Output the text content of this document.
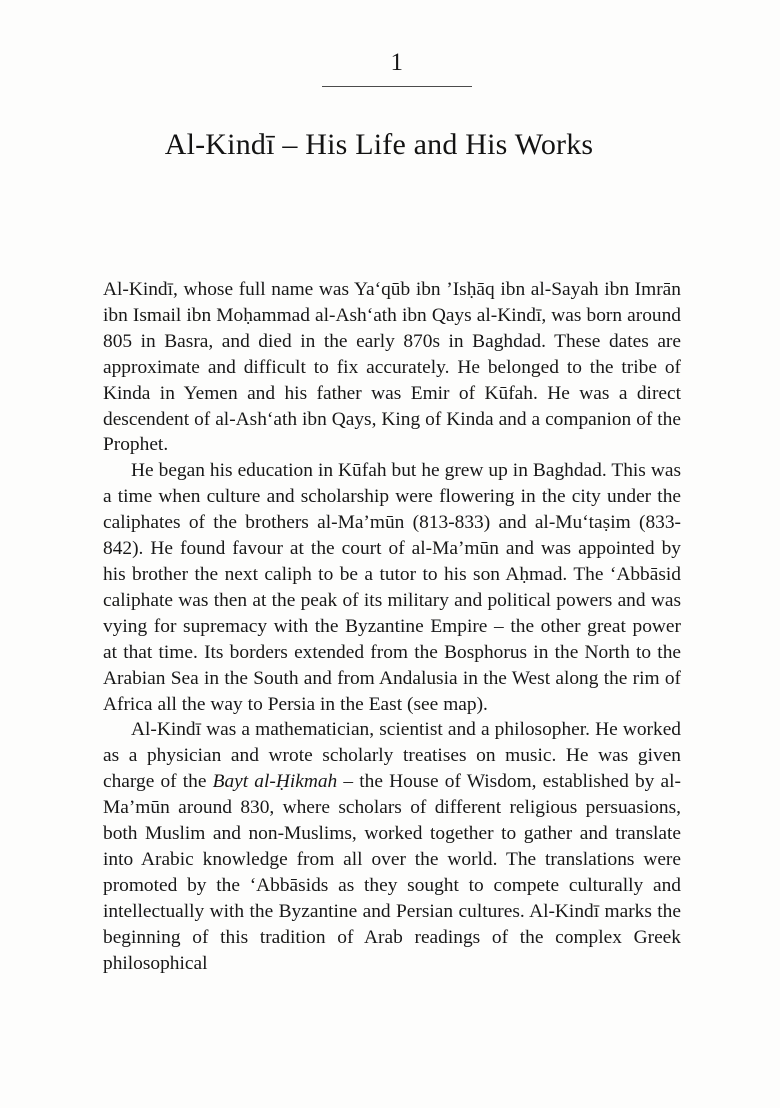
1
Al-Kindī – His Life and His Works

Al-Kindī, whose full name was Ya‘qūb ibn ’Isḥāq ibn al-Sayah ibn Imrān ibn Ismail ibn Moḥammad al-Ash‘ath ibn Qays al-Kindī, was born around 805 in Basra, and died in the early 870s in Baghdad. These dates are approximate and difficult to fix accurately. He belonged to the tribe of Kinda in Yemen and his father was Emir of Kūfah. He was a direct descendent of al-Ash‘ath ibn Qays, King of Kinda and a companion of the Prophet.

He began his education in Kūfah but he grew up in Baghdad. This was a time when culture and scholarship were flowering in the city under the caliphates of the brothers al-Ma’mūn (813-833) and al-Mu‘taṣim (833-842). He found favour at the court of al-Ma’mūn and was appointed by his brother the next caliph to be a tutor to his son Aḥmad. The ‘Abbāsid caliphate was then at the peak of its military and political powers and was vying for supremacy with the Byzantine Empire – the other great power at that time. Its borders extended from the Bosphorus in the North to the Arabian Sea in the South and from Andalusia in the West along the rim of Africa all the way to Persia in the East (see map).

Al-Kindī was a mathematician, scientist and a philosopher. He worked as a physician and wrote scholarly treatises on music. He was given charge of the Bayt al-Ḥikmah – the House of Wisdom, established by al-Ma’mūn around 830, where scholars of different religious persuasions, both Muslim and non-Muslims, worked together to gather and translate into Arabic knowledge from all over the world. The translations were promoted by the ‘Abbāsids as they sought to compete culturally and intellectually with the Byzantine and Persian cultures. Al-Kindī marks the beginning of this tradition of Arab readings of the complex Greek philosophical
